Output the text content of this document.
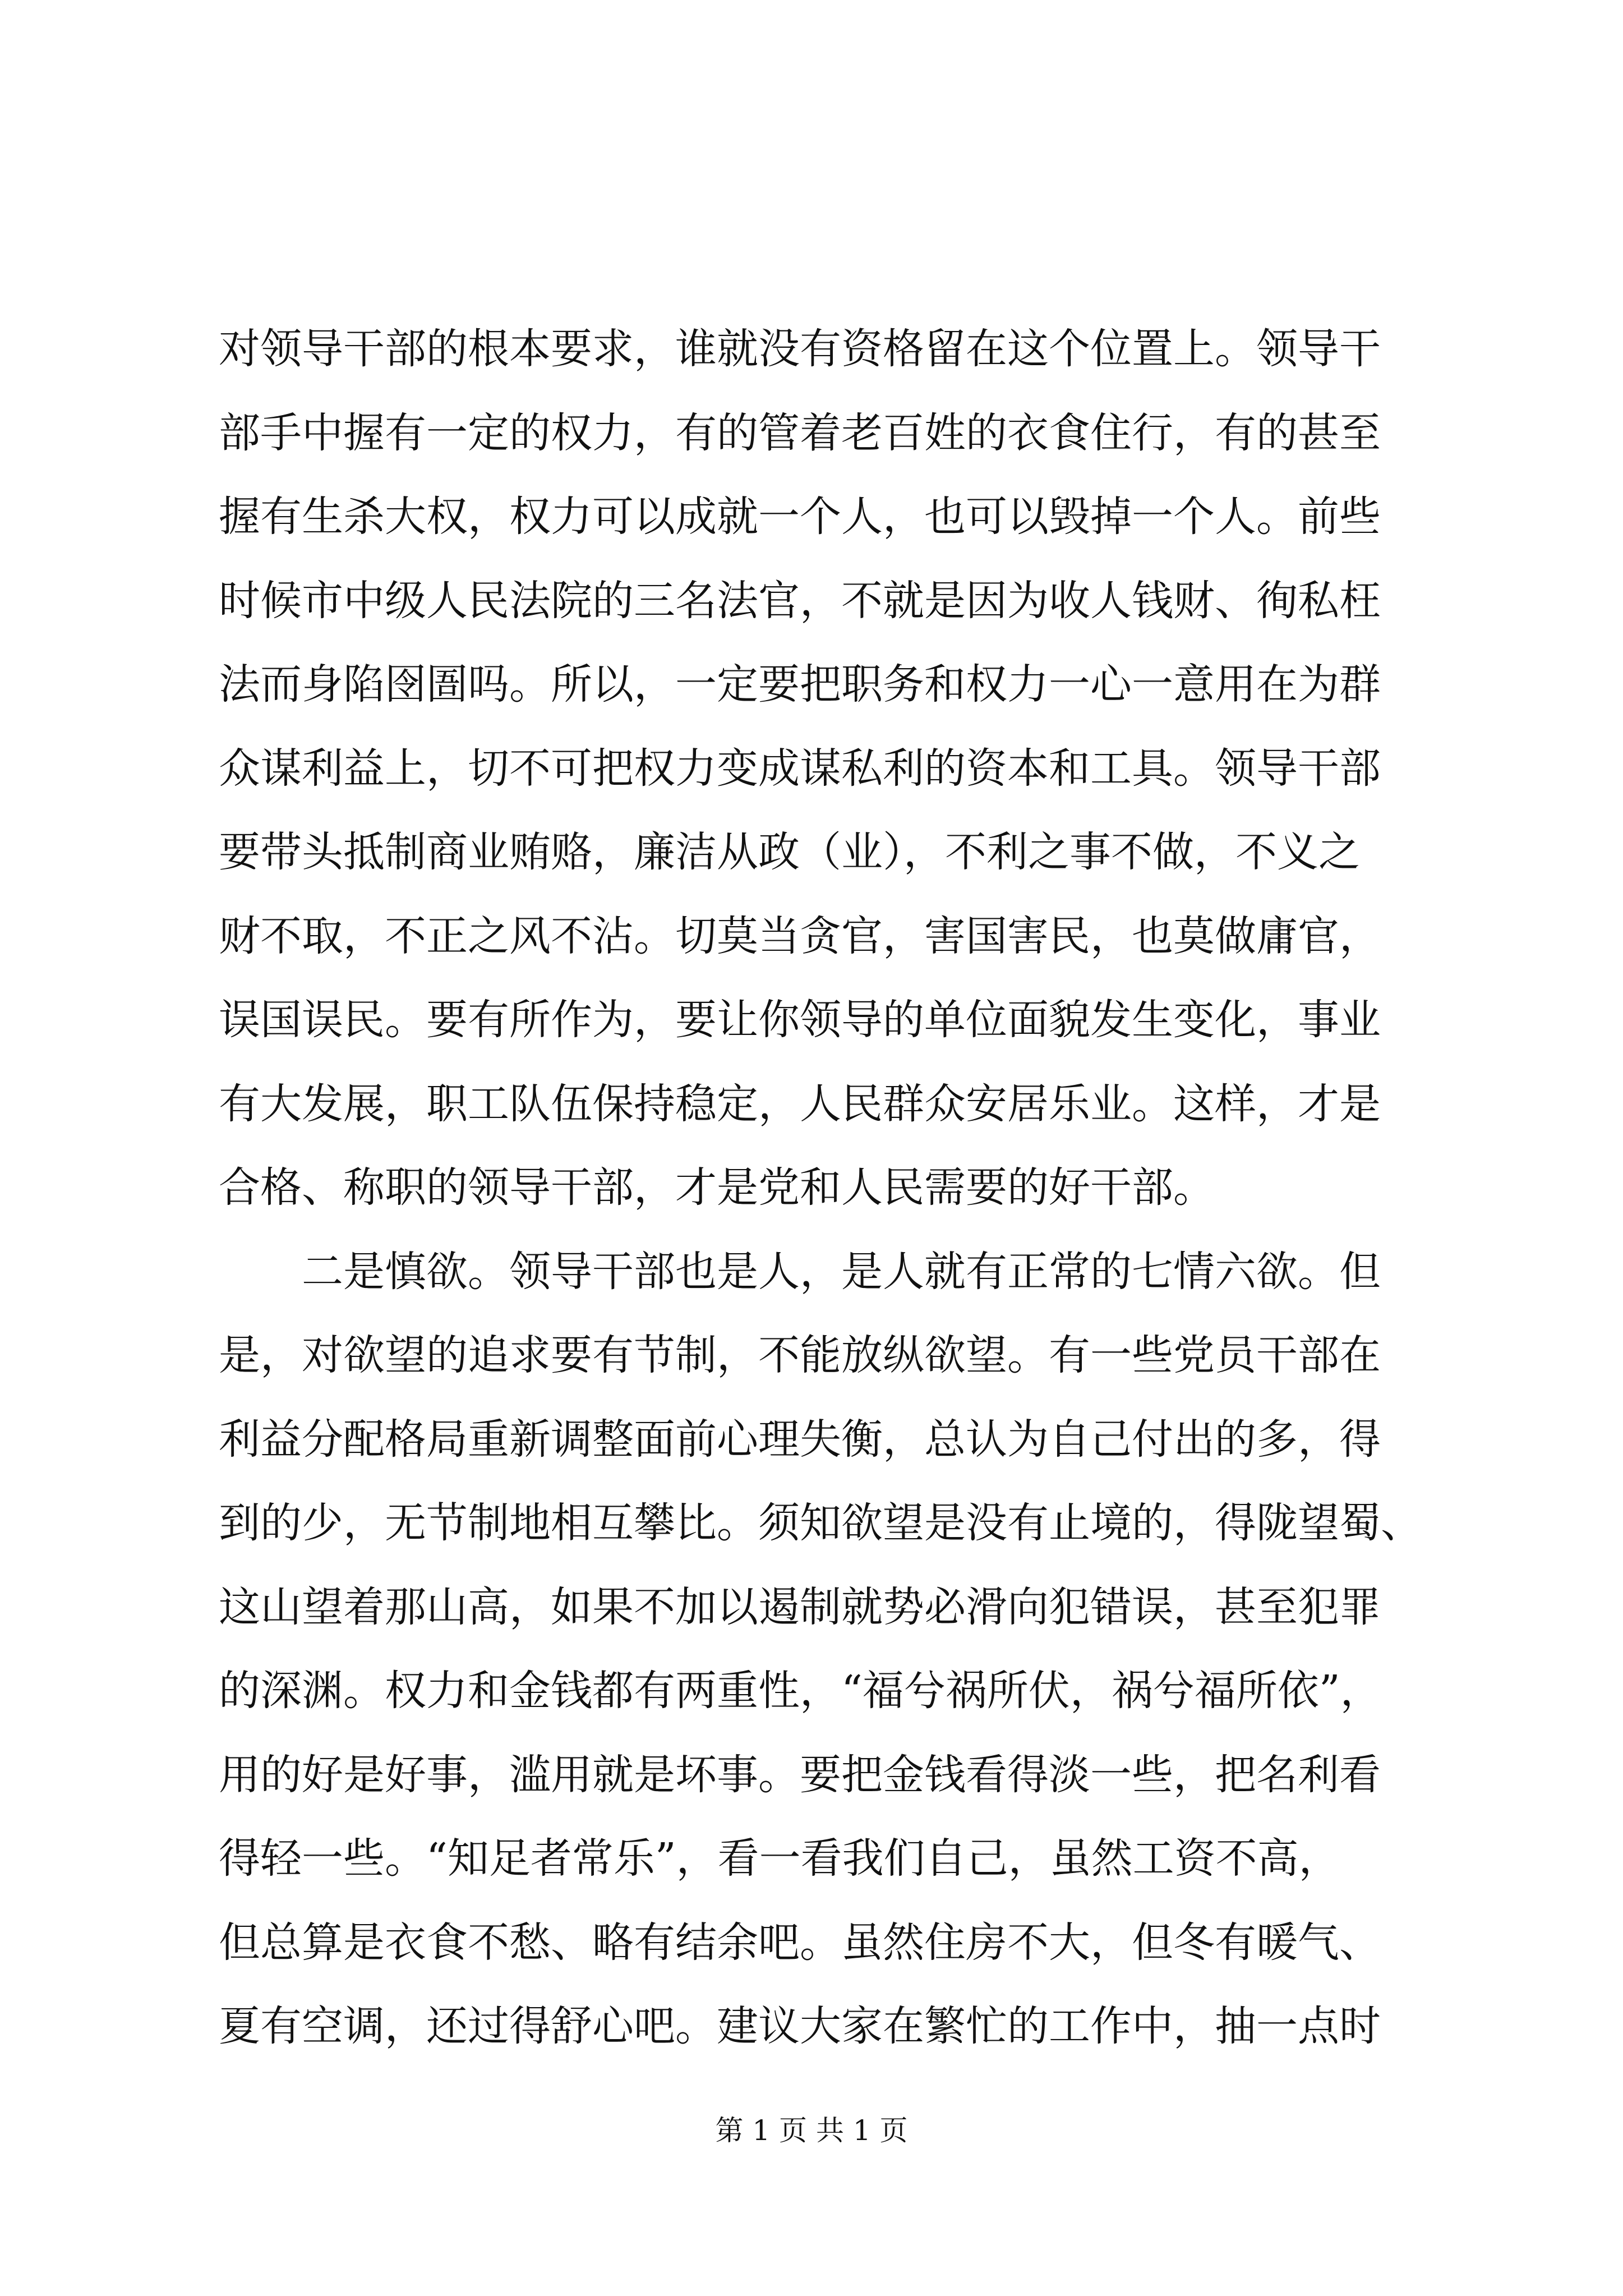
对领导干部的根本要求，谁就没有资格留在这个位置上。领导干
部手中握有一定的权力，有的管着老百姓的衣食住行，有的甚至
握有生杀大权，权力可以成就一个人，也可以毁掉一个人。前些
时候市中级人民法院的三名法官，不就是因为收人钱财、徇私枉
法而身陷囹圄吗。所以，一定要把职务和权力一心一意用在为群
众谋利益上，切不可把权力变成谋私利的资本和工具。领导干部
要带头抵制商业贿赂，廉洁从政（业），不利之事不做，不义之
财不取，不正之风不沾。切莫当贪官，害国害民，也莫做庸官，
误国误民。要有所作为，要让你领导的单位面貌发生变化，事业
有大发展，职工队伍保持稳定，人民群众安居乐业。这样，才是
合格、称职的领导干部，才是党和人民需要的好干部。
　　二是慎欲。领导干部也是人，是人就有正常的七情六欲。但
是，对欲望的追求要有节制，不能放纵欲望。有一些党员干部在
利益分配格局重新调整面前心理失衡，总认为自己付出的多，得
到的少，无节制地相互攀比。须知欲望是没有止境的，得陇望蜀、
这山望着那山高，如果不加以遏制就势必滑向犯错误，甚至犯罪
的深渊。权力和金钱都有两重性，“福兮祸所伏，祸兮福所依”，
用的好是好事，滥用就是坏事。要把金钱看得淡一些，把名利看
得轻一些。“知足者常乐”，看一看我们自己，虽然工资不高，
但总算是衣食不愁、略有结余吧。虽然住房不大，但冬有暖气、
夏有空调，还过得舒心吧。建议大家在繁忙的工作中，抽一点时
第 1 页 共 1 页
